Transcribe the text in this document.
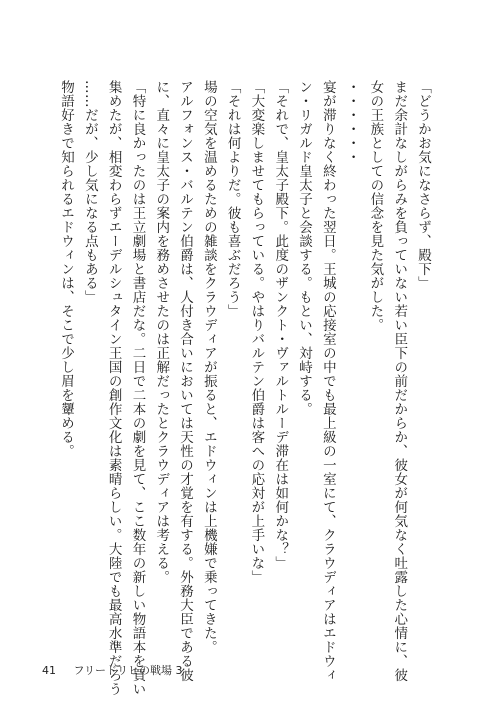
「どうかお気になさらず、殿下」
まだ余計なしがらみを負っていない若い臣下の前だからか、彼女が何気なく吐露した心情に、彼
女の王族としての信念を見た気がした。
・・・・・・
宴が滞りなく終わった翌日。王城の応接室の中でも最上級の一室にて、クラウディアはエドウィ
ン・リガルド皇太子と会談する。もとい、対峙する。
「それで、皇太子殿下。此度のザンクト・ヴァルトルーデ滞在は如何かな？」
「大変楽しませてもらっている。やはりバルテン伯爵は客への応対が上手いな」
「それは何よりだ。彼も喜ぶだろう」
場の空気を温めるための雑談をクラウディアが振ると、エドウィンは上機嫌で乗ってきた。
アルフォンス・バルテン伯爵は、人付き合いにおいては天性の才覚を有する。外務大臣である彼
に、直々に皇太子の案内を務めさせたのは正解だったとクラウディアは考える。
「特に良かったのは王立劇場と書店だな。二日で二本の劇を見て、ここ数年の新しい物語本を買い
集めたが、相変わらずエーデルシュタイン王国の創作文化は素晴らしい。大陸でも最高水準だろう
……だが、少し気になる点もある」
物語好きで知られるエドウィンは、そこで少し眉を顰める。
41 フリードリヒの戦場 3
